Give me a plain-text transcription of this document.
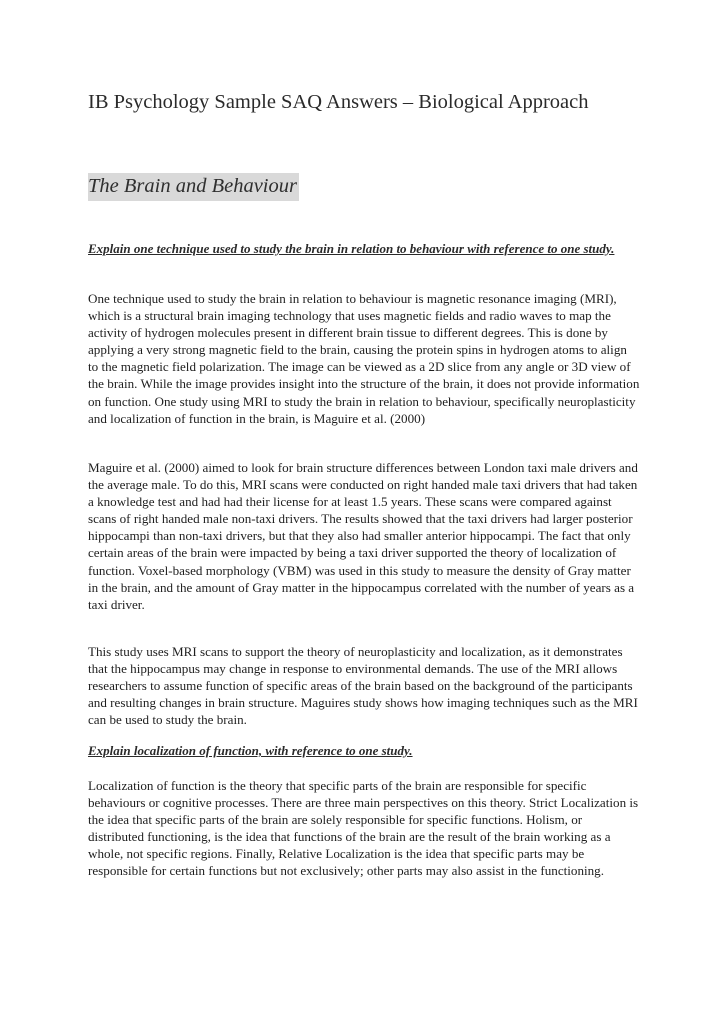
IB Psychology Sample SAQ Answers – Biological Approach
The Brain and Behaviour

Explain one technique used to study the brain in relation to behaviour with reference to one study.

One technique used to study the brain in relation to behaviour is magnetic resonance imaging (MRI), which is a structural brain imaging technology that uses magnetic fields and radio waves to map the activity of hydrogen molecules present in different brain tissue to different degrees. This is done by applying a very strong magnetic field to the brain, causing the protein spins in hydrogen atoms to align to the magnetic field polarization. The image can be viewed as a 2D slice from any angle or 3D view of the brain. While the image provides insight into the structure of the brain, it does not provide information on function. One study using MRI to study the brain in relation to behaviour, specifically neuroplasticity and localization of function in the brain, is Maguire et al. (2000)

Maguire et al. (2000) aimed to look for brain structure differences between London taxi male drivers and the average male. To do this, MRI scans were conducted on right handed male taxi drivers that had taken a knowledge test and had had their license for at least 1.5 years. These scans were compared against scans of right handed male non-taxi drivers. The results showed that the taxi drivers had larger posterior hippocampi than non-taxi drivers, but that they also had smaller anterior hippocampi. The fact that only certain areas of the brain were impacted by being a taxi driver supported the theory of localization of function. Voxel-based morphology (VBM) was used in this study to measure the density of Gray matter in the brain, and the amount of Gray matter in the hippocampus correlated with the number of years as a taxi driver.

This study uses MRI scans to support the theory of neuroplasticity and localization, as it demonstrates that the hippocampus may change in response to environmental demands. The use of the MRI allows researchers to assume function of specific areas of the brain based on the background of the participants and resulting changes in brain structure. Maguires study shows how imaging techniques such as the MRI can be used to study the brain.

Explain localization of function, with reference to one study.

Localization of function is the theory that specific parts of the brain are responsible for specific behaviours or cognitive processes. There are three main perspectives on this theory. Strict Localization is the idea that specific parts of the brain are solely responsible for specific functions. Holism, or distributed functioning, is the idea that functions of the brain are the result of the brain working as a whole, not specific regions. Finally, Relative Localization is the idea that specific parts may be responsible for certain functions but not exclusively; other parts may also assist in the functioning.
